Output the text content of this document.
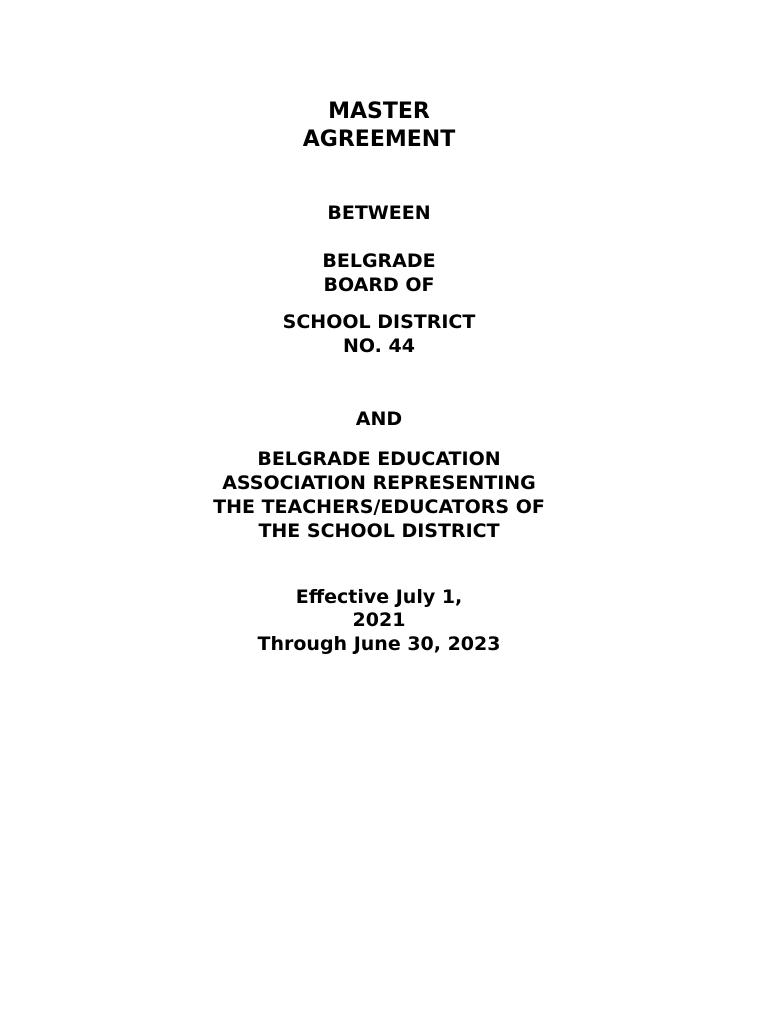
MASTER
AGREEMENT
BETWEEN
BELGRADE
BOARD OF
SCHOOL DISTRICT
NO. 44
AND
BELGRADE EDUCATION
ASSOCIATION REPRESENTING
THE TEACHERS/EDUCATORS OF
THE SCHOOL DISTRICT
Effective July 1,
2021
Through June 30, 2023
